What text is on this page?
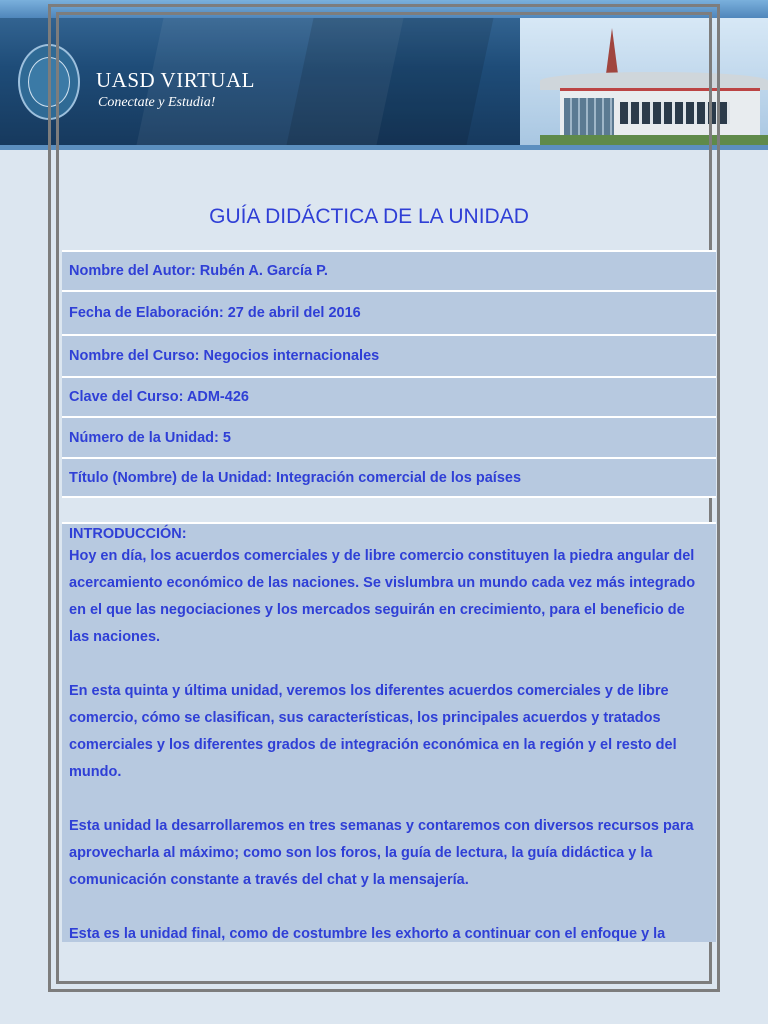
UASD VIRTUAL
Conectate y Estudia!
GUÍA DIDÁCTICA DE LA UNIDAD
Nombre del Autor: Rubén A. García P.
Fecha de Elaboración: 27 de abril del 2016
Nombre del Curso: Negocios internacionales
Clave del Curso: ADM-426
Número de la Unidad: 5
Título (Nombre) de la Unidad: Integración comercial de los países
INTRODUCCIÓN:

Hoy en día, los acuerdos comerciales y de libre comercio constituyen la piedra angular del acercamiento económico de las naciones. Se vislumbra un mundo cada vez más integrado en el que las negociaciones y los mercados seguirán en crecimiento, para el beneficio de las naciones.

En esta quinta y última unidad, veremos los diferentes acuerdos comerciales y de libre comercio, cómo se clasifican, sus características, los principales acuerdos y tratados comerciales y los diferentes grados de integración económica en la región y el resto del mundo.

Esta unidad la desarrollaremos en tres semanas y contaremos con diversos recursos para aprovecharla al máximo; como son los foros, la guía de lectura, la guía didáctica y la comunicación constante a través del chat y la mensajería.

Esta es la unidad final, como de costumbre les exhorto a continuar con el enfoque y la
